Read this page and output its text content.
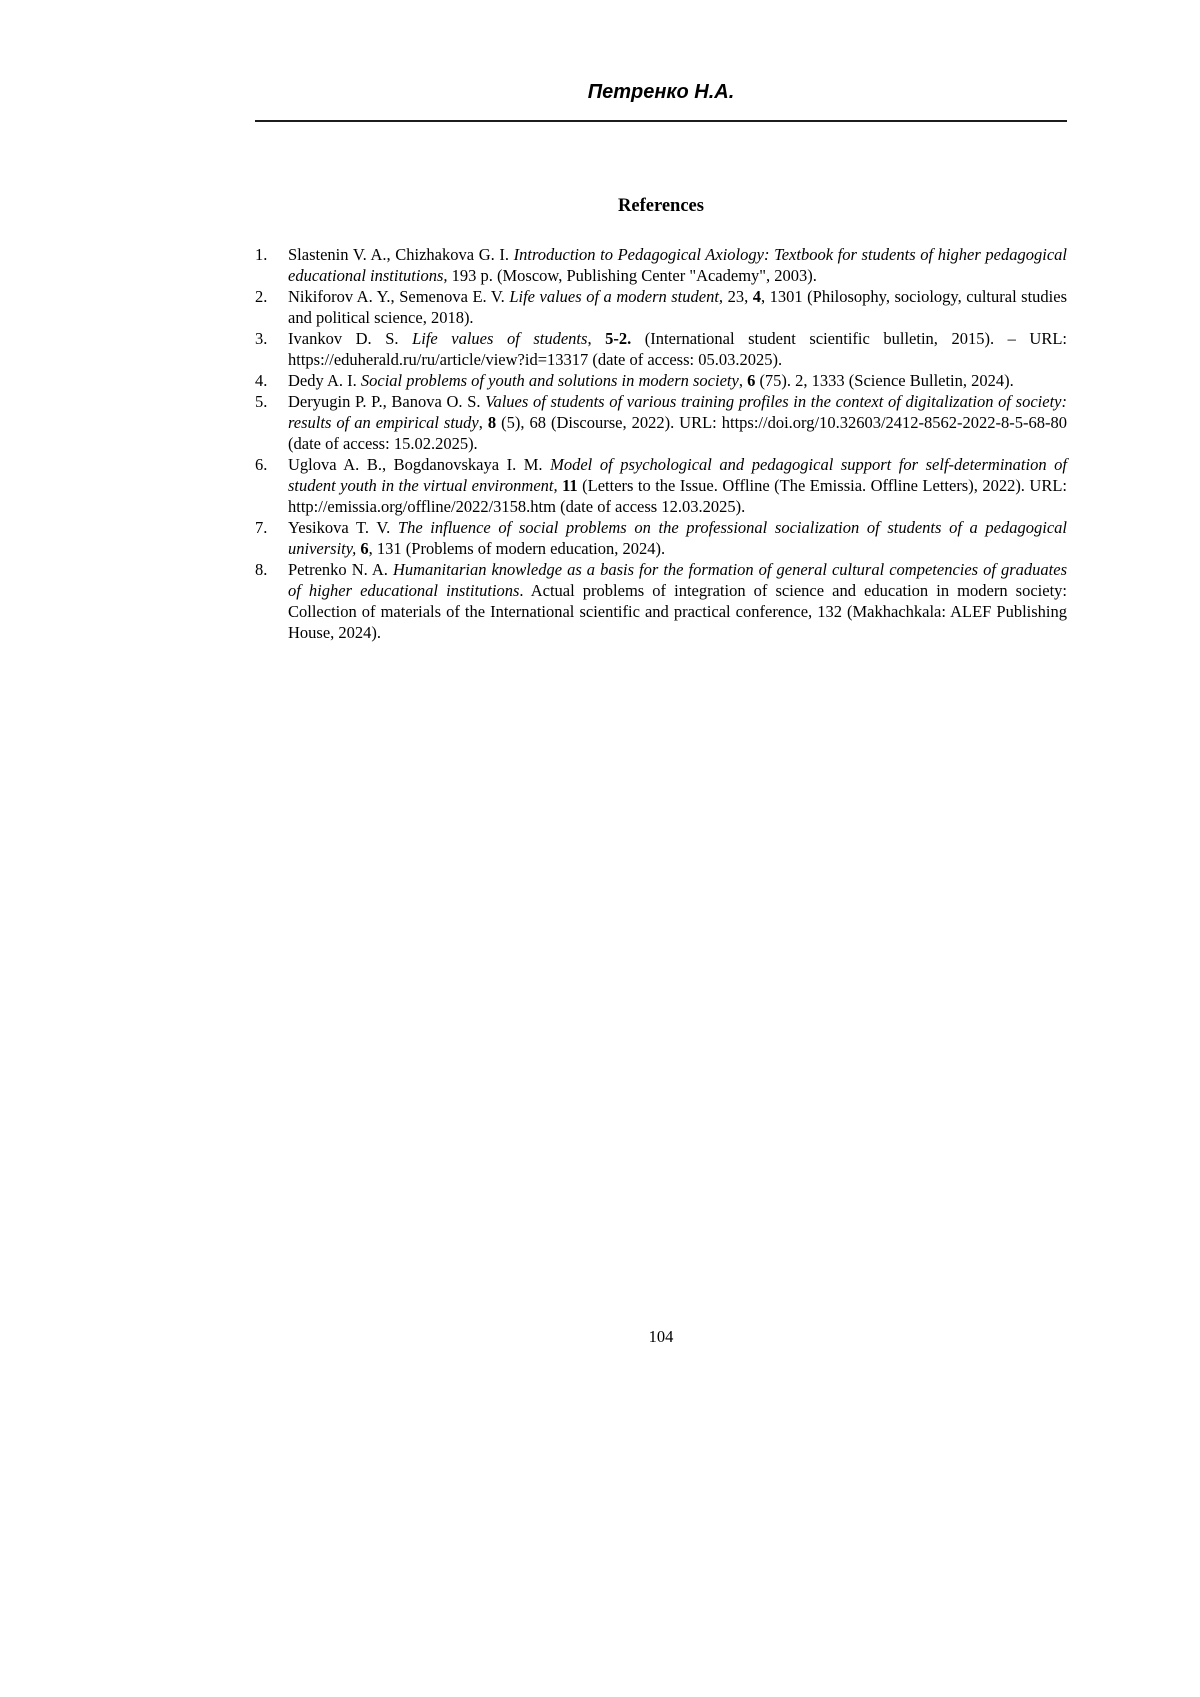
Петренко Н.А.
References
1.	Slastenin V. A., Chizhakova G. I. Introduction to Pedagogical Axiology: Textbook for students of higher pedagogical educational institutions, 193 p. (Moscow, Publishing Center "Academy", 2003).
2.	Nikiforov A. Y., Semenova E. V. Life values of a modern student, 23, 4, 1301 (Philosophy, sociology, cultural studies and political science, 2018).
3.	Ivankov D. S. Life values of students, 5-2. (International student scientific bulletin, 2015). – URL: https://eduherald.ru/ru/article/view?id=13317 (date of access: 05.03.2025).
4.	Dedy A. I. Social problems of youth and solutions in modern society, 6 (75). 2, 1333 (Science Bulletin, 2024).
5.	Deryugin P. P., Banova O. S. Values of students of various training profiles in the context of digitalization of society: results of an empirical study, 8 (5), 68 (Discourse, 2022). URL: https://doi.org/10.32603/2412-8562-2022-8-5-68-80 (date of access: 15.02.2025).
6.	Uglova A. B., Bogdanovskaya I. M. Model of psychological and pedagogical support for self-determination of student youth in the virtual environment, 11 (Letters to the Issue. Offline (The Emissia. Offline Letters), 2022). URL: http://emissia.org/offline/2022/3158.htm (date of access 12.03.2025).
7.	Yesikova T. V. The influence of social problems on the professional socialization of students of a pedagogical university, 6, 131 (Problems of modern education, 2024).
8.	Petrenko N. A. Humanitarian knowledge as a basis for the formation of general cultural competencies of graduates of higher educational institutions. Actual problems of integration of science and education in modern society: Collection of materials of the International scientific and practical conference, 132 (Makhachkala: ALEF Publishing House, 2024).
104
